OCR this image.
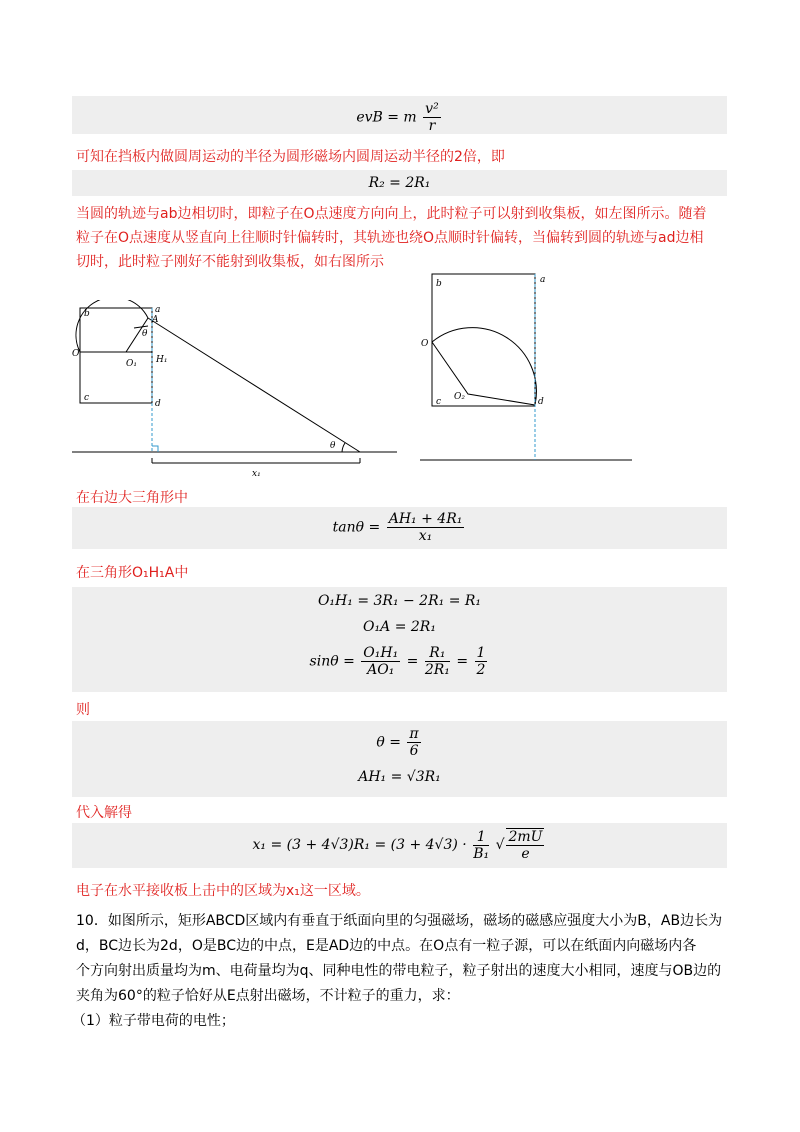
evB = m $\frac{\text{v²}}{r}$
可知在挡板内做圆周运动的半径为圆形磁场内圆周运动半径的2倍，即
R₂ = 2R₁
当圆的轨迹与ab边相切时，即粒子在O点速度方向向上，此时粒子可以射到收集板，如左图所示。随着
粒子在O点速度从竖直向上往顺时针偏转时，其轨迹也绕O点顺时针偏转，当偏转到圆的轨迹与ad边相
切时，此时粒子刚好不能射到收集板，如右图所示
a
b
c
d
O
O₁ H₁
A
θ
θ
x₁
a
b
c	d
O
O₂
在右边大三角形中
$\tan\theta = \frac{\text{AH₁ + 4R₁}}{\text{x₁}}$
在三角形O₁H₁A中
O₁H₁ = 3R₁ − 2R₁ = R₁
O₁A = 2R₁
$\sin\theta = \frac{\text{O₁H₁}}{\text{AO₁}} = \frac{\text{R₁}}{\text{2R₁}} = \frac{1}{2}$
则
$\theta = \frac{\pi}{6}$
AH₁ = √3R₁
代入解得
$x_1 = (3 + 4√3)R_1 = (3 + 4√3) \cdot \frac{1}{\text{B₁}}$ √ $\frac{2mU}{e}$
电子在水平接收板上击中的区域为x₁这一区域。
10．如图所示，矩形ABCD区域内有垂直于纸面向里的匀强磁场，磁场的磁感应强度大小为B，AB边长为
d，BC边长为2d，O是BC边的中点，E是AD边的中点。在O点有一粒子源，可以在纸面内向磁场内各
个方向射出质量均为m、电荷量均为q、同种电性的带电粒子，粒子射出的速度大小相同，速度与OB边的
夹角为60°的粒子恰好从E点射出磁场，不计粒子的重力，求：
（1）粒子带电荷的电性；
